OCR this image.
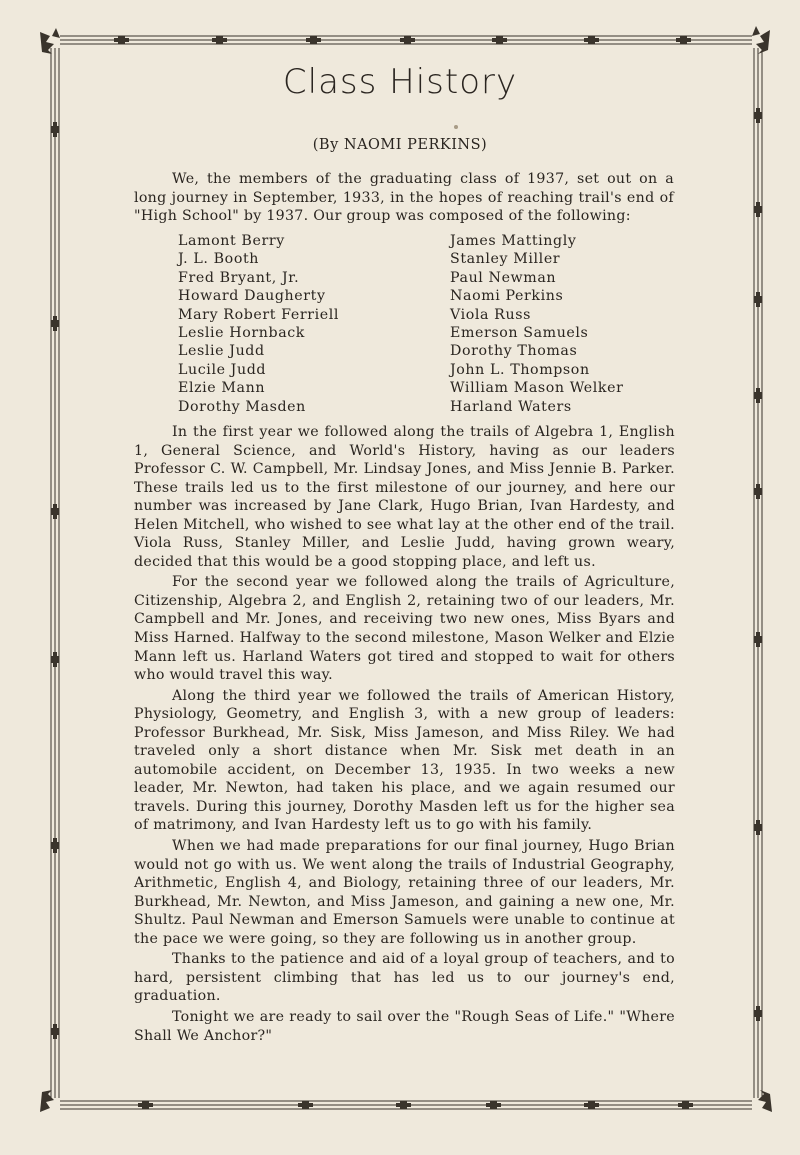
Class History
(By NAOMI PERKINS)

We, the members of the graduating class of 1937, set out on a long journey in September, 1933, in the hopes of reaching trail's end of "High School" by 1937. Our group was composed of the following:

Lamont Berry
J. L. Booth
Fred Bryant, Jr.
Howard Daugherty
Mary Robert Ferriell
Leslie Hornback
Leslie Judd
Lucile Judd
Elzie Mann
Dorothy Masden
James Mattingly
Stanley Miller
Paul Newman
Naomi Perkins
Viola Russ
Emerson Samuels
Dorothy Thomas
John L. Thompson
William Mason Welker
Harland Waters

In the first year we followed along the trails of Algebra 1, English 1, General Science, and World's History, having as our leaders Professor C. W. Campbell, Mr. Lindsay Jones, and Miss Jennie B. Parker. These trails led us to the first milestone of our journey, and here our number was increased by Jane Clark, Hugo Brian, Ivan Hardesty, and Helen Mitchell, who wished to see what lay at the other end of the trail. Viola Russ, Stanley Miller, and Leslie Judd, having grown weary, decided that this would be a good stopping place, and left us.

For the second year we followed along the trails of Agriculture, Citizenship, Algebra 2, and English 2, retaining two of our leaders, Mr. Campbell and Mr. Jones, and receiving two new ones, Miss Byars and Miss Harned. Halfway to the second milestone, Mason Welker and Elzie Mann left us. Harland Waters got tired and stopped to wait for others who would travel this way.

Along the third year we followed the trails of American History, Physiology, Geometry, and English 3, with a new group of leaders: Professor Burkhead, Mr. Sisk, Miss Jameson, and Miss Riley. We had traveled only a short distance when Mr. Sisk met death in an automobile accident, on December 13, 1935. In two weeks a new leader, Mr. Newton, had taken his place, and we again resumed our travels. During this journey, Dorothy Masden left us for the higher sea of matrimony, and Ivan Hardesty left us to go with his family.

When we had made preparations for our final journey, Hugo Brian would not go with us. We went along the trails of Industrial Geography, Arithmetic, English 4, and Biology, retaining three of our leaders, Mr. Burkhead, Mr. Newton, and Miss Jameson, and gaining a new one, Mr. Shultz. Paul Newman and Emerson Samuels were unable to continue at the pace we were going, so they are following us in another group.

Thanks to the patience and aid of a loyal group of teachers, and to hard, persistent climbing that has led us to our journey's end, graduation.

Tonight we are ready to sail over the "Rough Seas of Life." "Where Shall We Anchor?"
